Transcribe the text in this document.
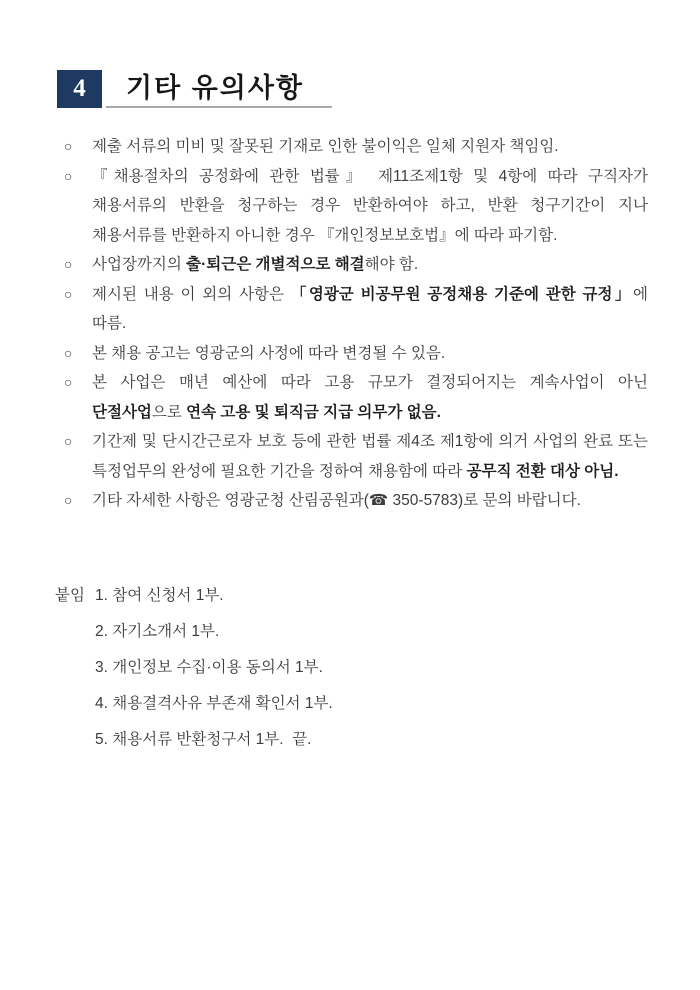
4 기타 유의사항
○ 제출 서류의 미비 및 잘못된 기재로 인한 불이익은 일체 지원자 책임임.
○ 『채용절차의 공정화에 관한 법률』 제11조제1항 및 4항에 따라 구직자가 채용서류의 반환을 청구하는 경우 반환하여야 하고, 반환 청구기간이 지나 채용서류를 반환하지 아니한 경우 『개인정보보호법』에 따라 파기함.
○ 사업장까지의 출·퇴근은 개별적으로 해결해야 함.
○ 제시된 내용 이 외의 사항은 「영광군 비공무원 공정채용 기준에 관한 규정」에 따름.
○ 본 채용 공고는 영광군의 사정에 따라 변경될 수 있음.
○ 본 사업은 매년 예산에 따라 고용 규모가 결정되어지는 계속사업이 아닌 단절사업으로 연속 고용 및 퇴직금 지급 의무가 없음.
○ 기간제 및 단시간근로자 보호 등에 관한 법률 제4조 제1항에 의거 사업의 완료 또는 특정업무의 완성에 필요한 기간을 정하여 채용함에 따라 공무직 전환 대상 아님.
○ 기타 자세한 사항은 영광군청 산림공원과(☎ 350-5783)로 문의 바랍니다.
붙임 1. 참여 신청서 1부.
2. 자기소개서 1부.
3. 개인정보 수집·이용 동의서 1부.
4. 채용결격사유 부존재 확인서 1부.
5. 채용서류 반환청구서 1부.  끝.
